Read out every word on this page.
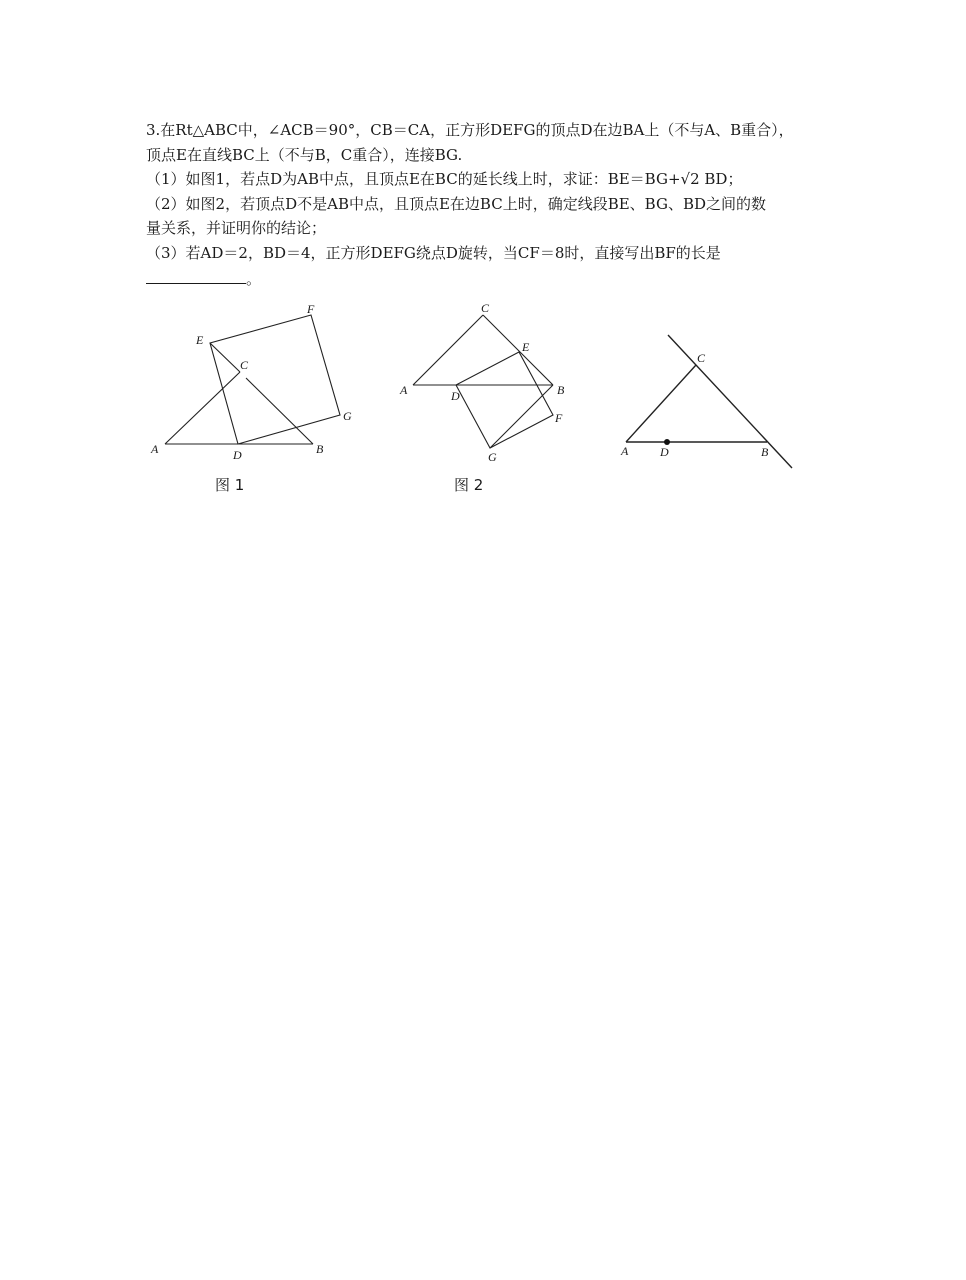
3.在Rt△ABC中，∠ACB＝90°，CB＝CA，正方形DEFG的顶点D在边BA上（不与A、B重合），
顶点E在直线BC上（不与B，C重合），连接BG.
（1）如图1，若点D为AB中点，且顶点E在BC的延长线上时，求证：BE＝BG+√2 BD；
（2）如图2，若顶点D不是AB中点，且顶点E在边BC上时，确定线段BE、BG、BD之间的数
量关系，并证明你的结论；
（3）若AD＝2，BD＝4，正方形DEFG绕点D旋转，当CF＝8时，直接写出BF的长是
。
E
F
C
G
A	D	B
C
E
A	D	B
F
G
C
A	D	B
图 1	图 2
